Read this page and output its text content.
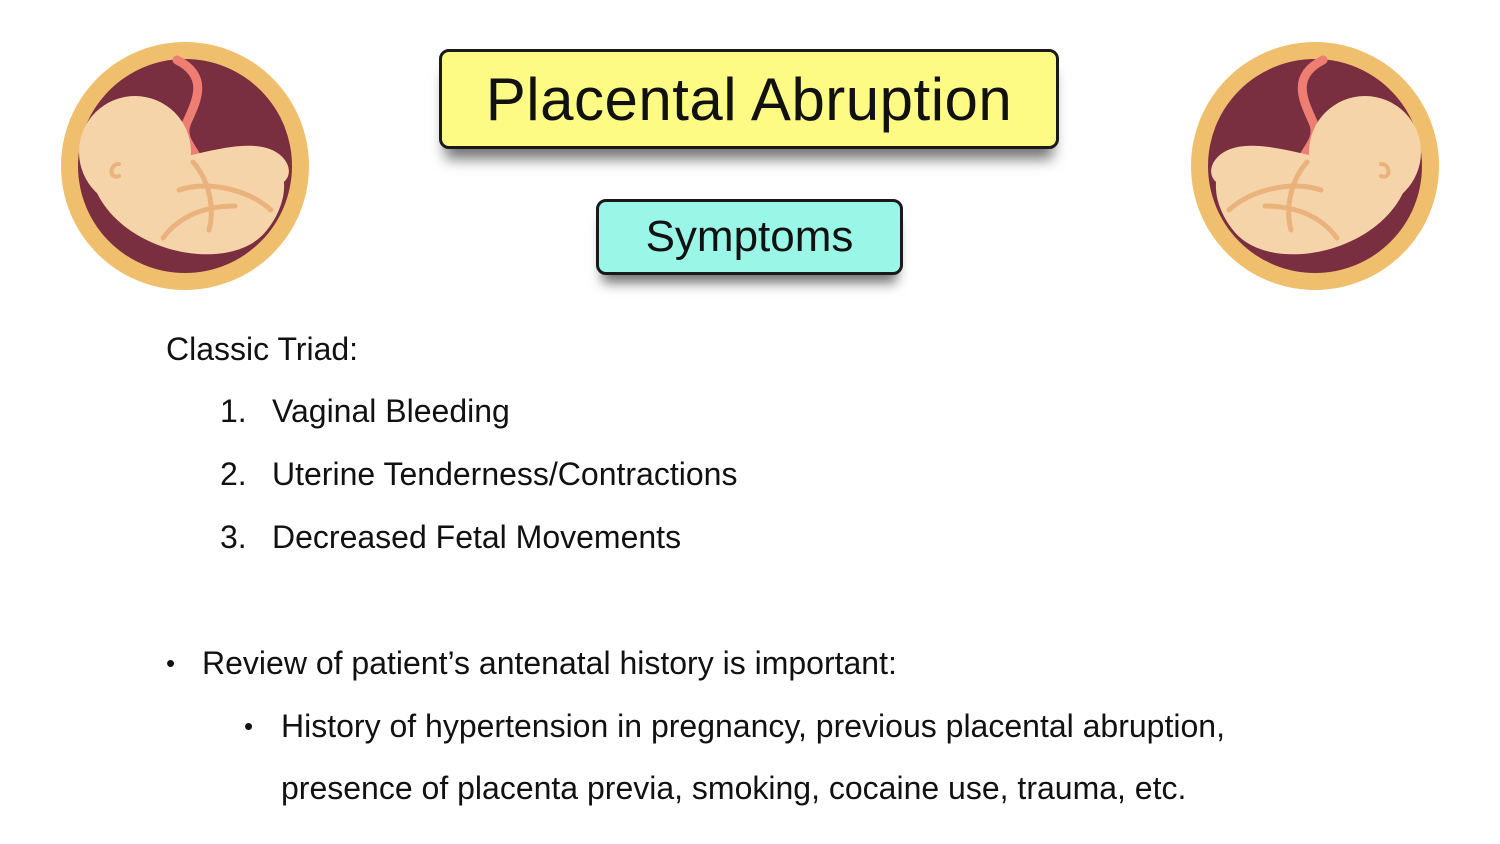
Placental Abruption
Symptoms
Classic Triad:
1. Vaginal Bleeding
2. Uterine Tenderness/Contractions
3. Decreased Fetal Movements
• Review of patient’s antenatal history is important:
• History of hypertension in pregnancy, previous placental abruption,
presence of placenta previa, smoking, cocaine use, trauma, etc.
